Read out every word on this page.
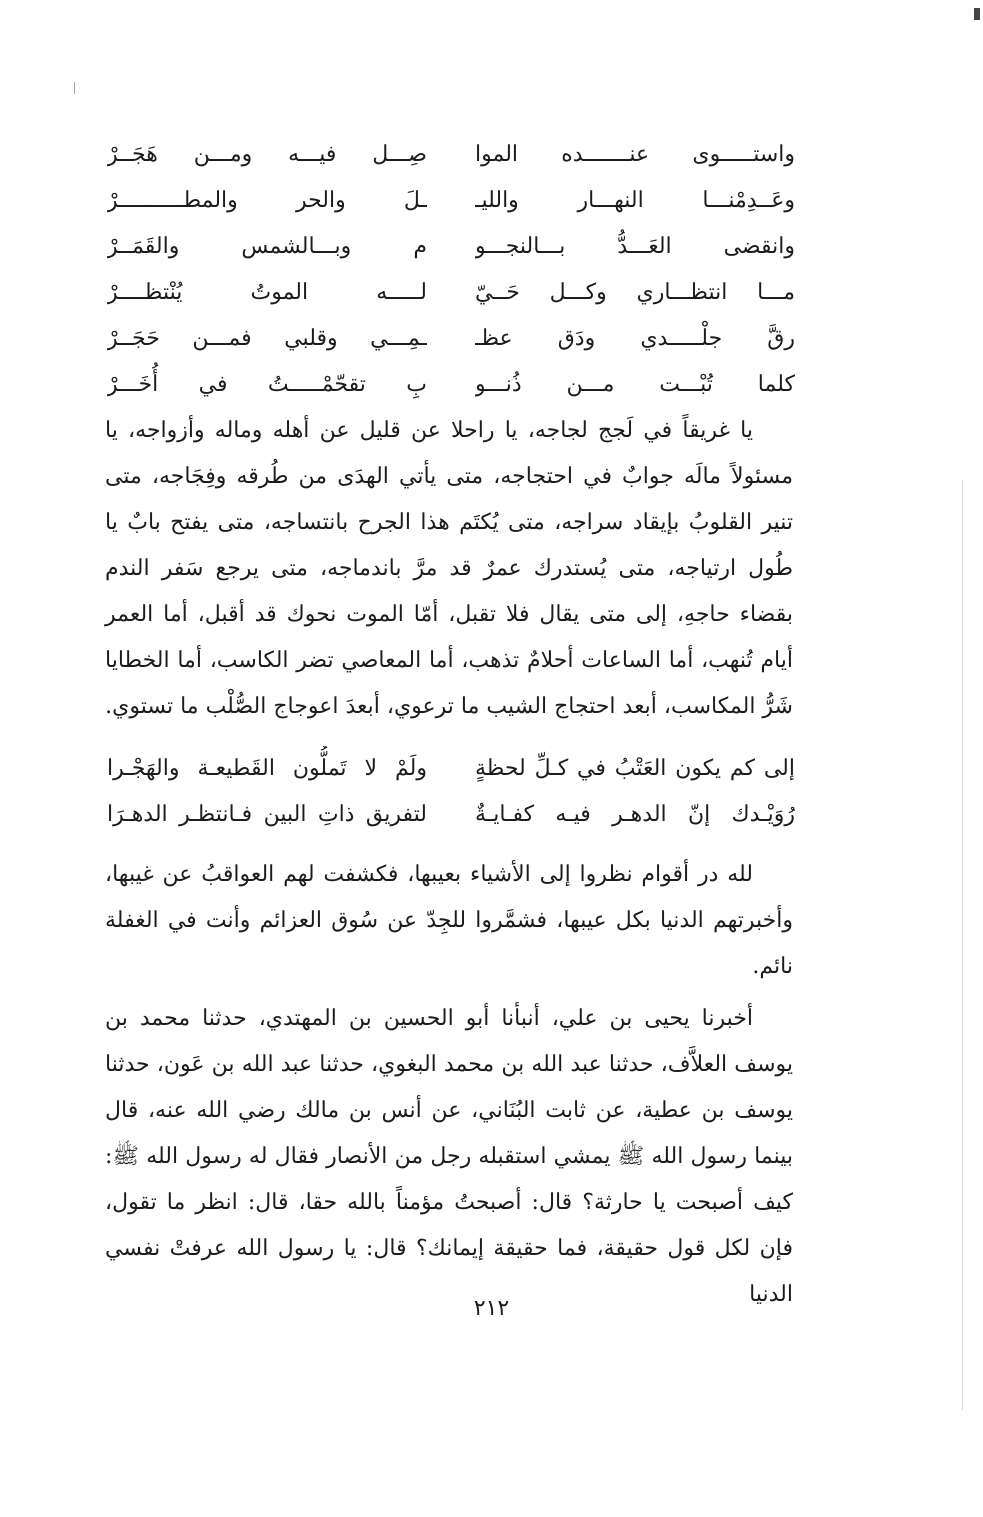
واستـــــوى عنـــــــده الموا
صِـــل فيـــه ومـــن هَجَــرْ
وعَــدِمْنـــا النهـــار والليـ
ـلَ والحر والمطــــــــــرْ
وانقضى العَـــدُّ بـــالنجـــو
م وبـــالشمس والقَمَــرْ
مـــا انتظـــاري وكـــل حَــيّ
لـــــه الموتُ يُنْتظــــرْ
رقَّ جلْـــــدي ودَق عظـ
ـمِـــي وقلبي فمـــن حَجَــرْ
كلما تُبْـــت مـــن ذُنـــو
بِ تقحّمْـــــتُ في أُخَـــرْ

يا غريقاً في لَجج لجاجه، يا راحلا عن قليل عن أهله وماله وأزواجه، يا مسئولاً مالَه جوابٌ في احتجاجه، متى يأتي الهدَى من طُرقه وفِجَاجه، متى تنير القلوبُ بإيقاد سراجه، متى يُكتَم هذا الجرح بانتساجه، متى يفتح بابٌ يا طُول ارتياجه، متى يُستدرك عمرٌ قد مرَّ باندماجه، متى يرجع سَفر الندم بقضاء حاجهِ، إلى متى يقال فلا تقبل، أمّا الموت نحوك قد أقبل، أما العمر أيام تُنهب، أما الساعات أحلامٌ تذهب، أما المعاصي تضر الكاسب، أما الخطايا شَرُّ المكاسب، أبعد احتجاج الشيب ما ترعوي، أبعدَ اعوجاج الصُّلْب ما تستوي.

إلى كم يكون العَتْبُ في كـلِّ لحظةٍ
ولَمْ لا تَملُّون القَطيعـة والهَجْـرا
رُوَيْـدك إنّ الدهـر فيـه كفـايـةٌ
لتفريق ذاتِ البين فـانتظـر الدهـرَا

لله در أقوام نظروا إلى الأشياء بعيبها، فكشفت لهم العواقبُ عن غيبها، وأخبرتهم الدنيا بكل عيبها، فشمَّروا للجِدّ عن سُوق العزائم وأنت في الغفلة نائم.

أخبرنا يحيى بن علي، أنبأنا أبو الحسين بن المهتدي، حدثنا محمد بن يوسف العلاَّف، حدثنا عبد الله بن محمد البغوي، حدثنا عبد الله بن عَون، حدثنا يوسف بن عطية، عن ثابت البُنَاني، عن أنس بن مالك رضي الله عنه، قال بينما رسول الله ﷺ يمشي استقبله رجل من الأنصار فقال له رسول الله ﷺ: كيف أصبحت يا حارثة؟ قال: أصبحتُ مؤمناً بالله حقا، قال: انظر ما تقول، فإن لكل قول حقيقة، فما حقيقة إيمانك؟ قال: يا رسول الله عرفتْ نفسي الدنيا

٢١٢
